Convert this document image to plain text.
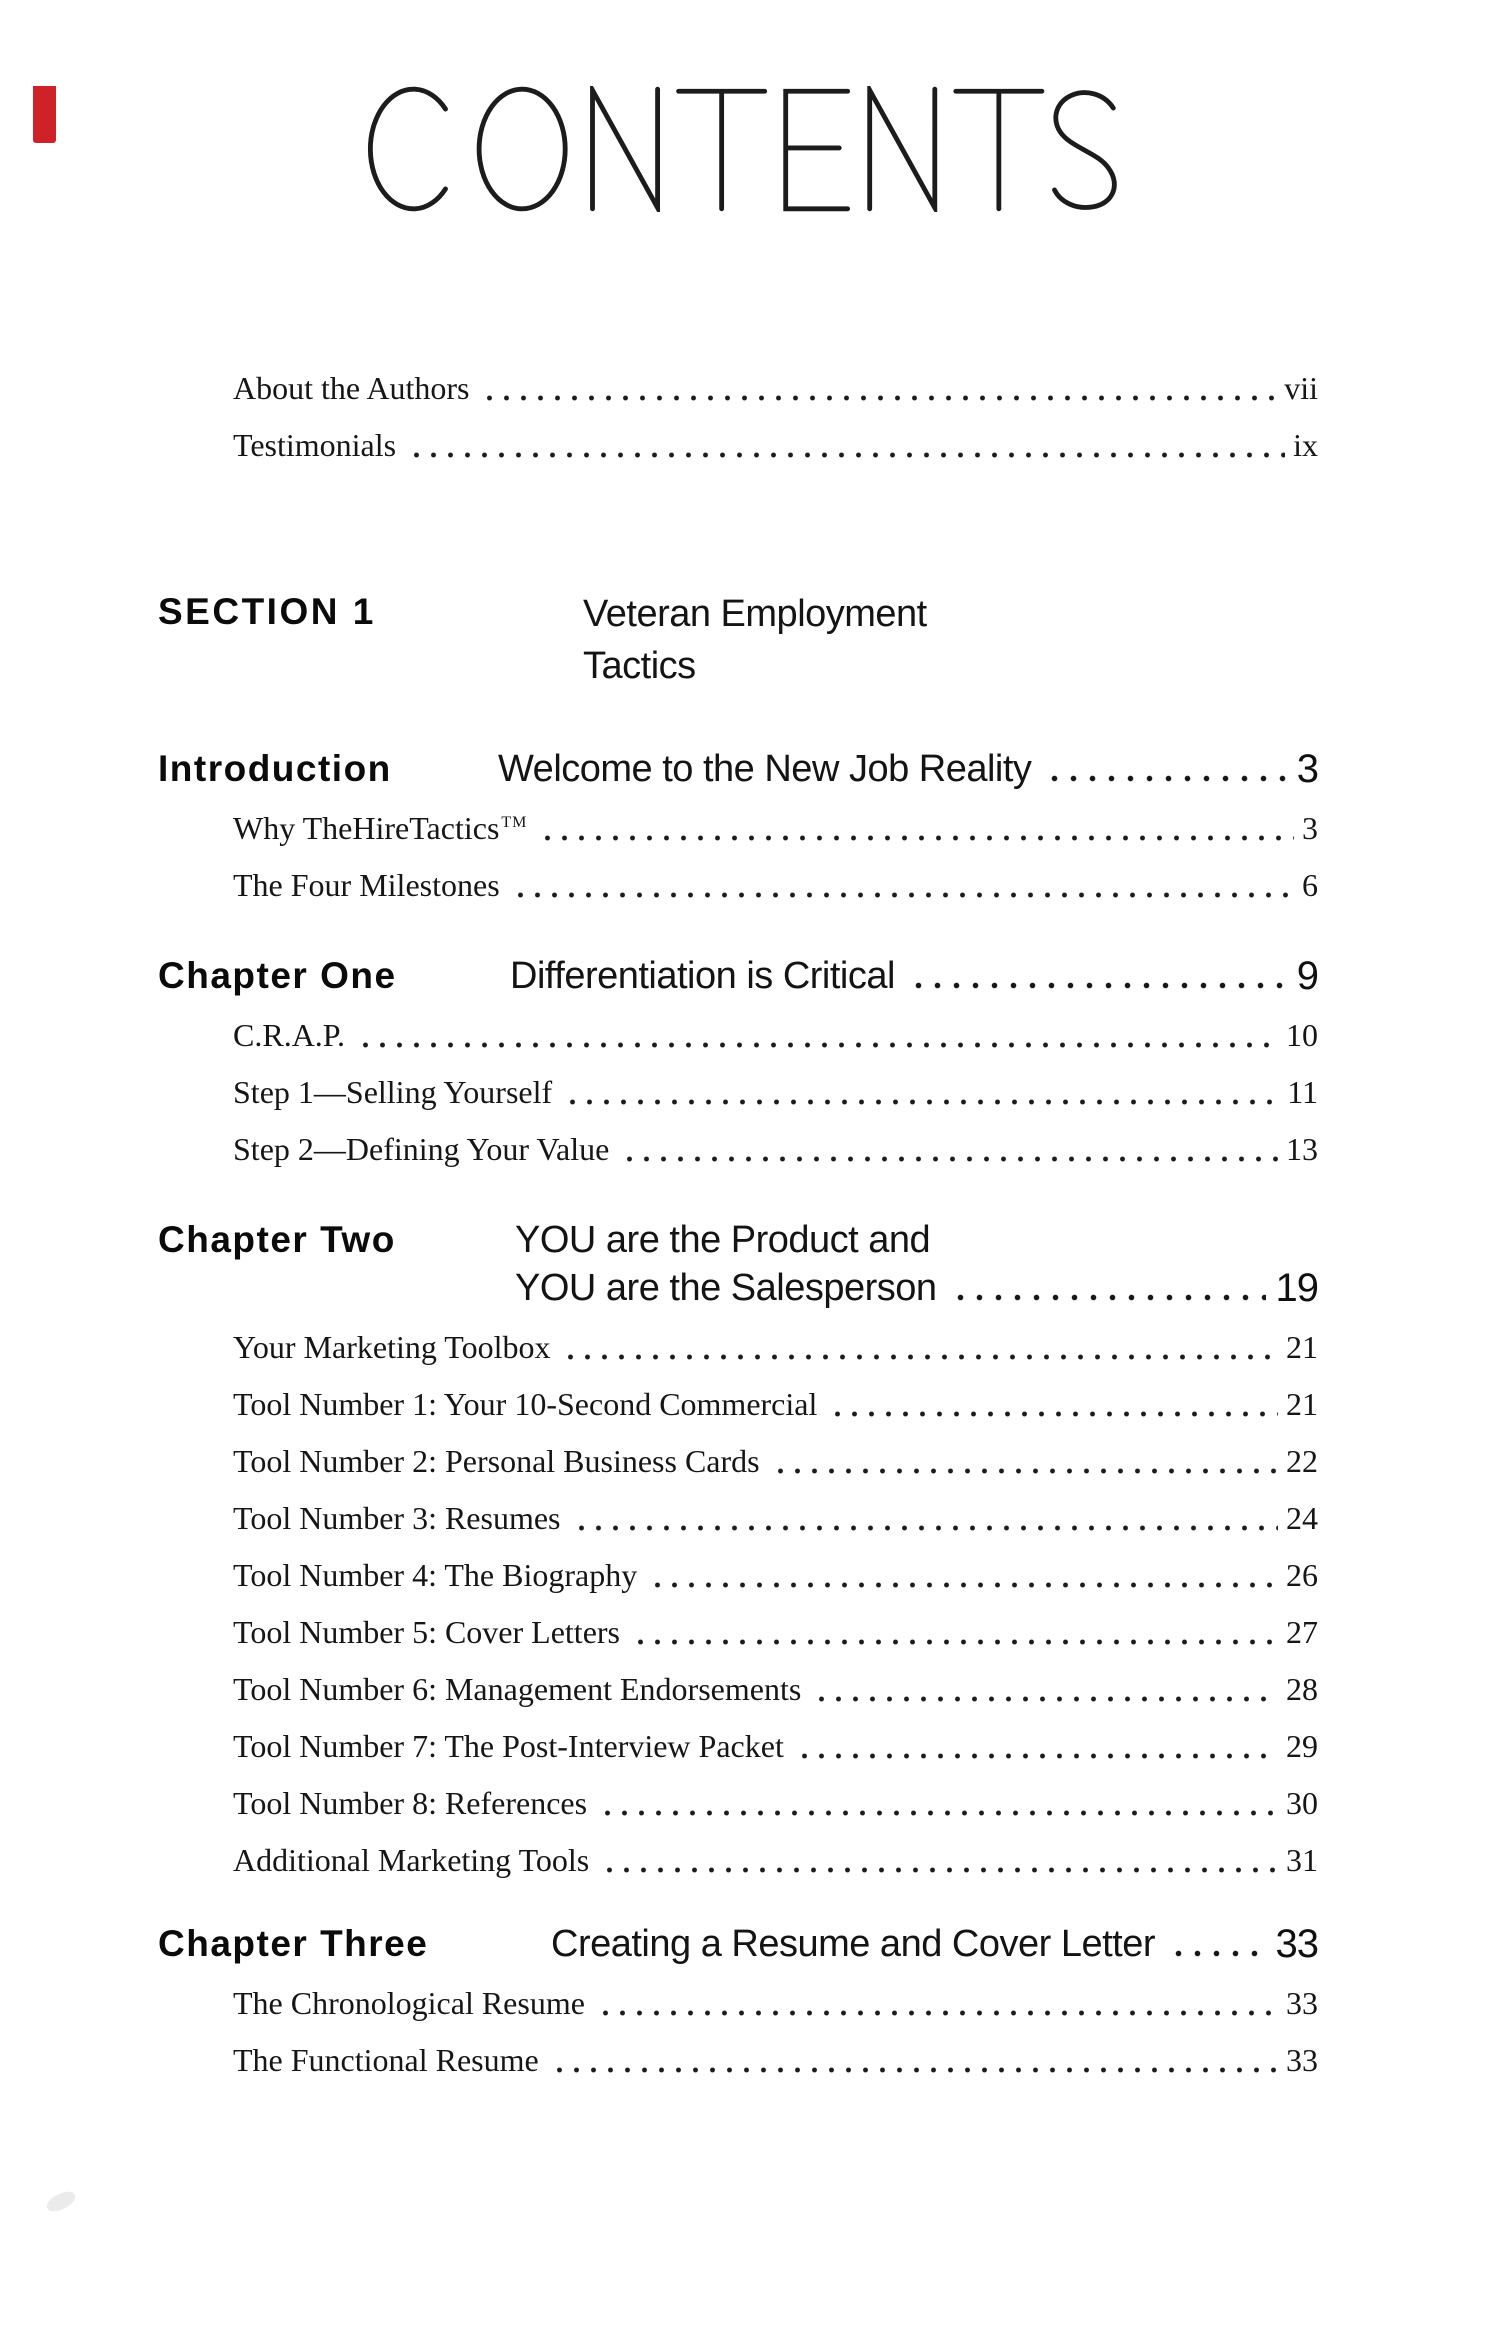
About the Authors	vii
Testimonials	ix
SECTION 1	Veteran Employment
Tactics
Introduction	Welcome to the New Job Reality	3
Why TheHireTactics TM	3
The Four Milestones	6
Chapter One	Differentiation is Critical	9
C.R.A.P.	10
Step 1—Selling Yourself	11
Step 2—Defining Your Value	13
Chapter Two	YOU are the Product and
YOU are the Salesperson	19
Your Marketing Toolbox	21
Tool Number 1: Your 10-Second Commercial	21
Tool Number 2: Personal Business Cards	22
Tool Number 3: Resumes	24
Tool Number 4: The Biography	26
Tool Number 5: Cover Letters	27
Tool Number 6: Management Endorsements	28
Tool Number 7: The Post-Interview Packet	29
Tool Number 8: References	30
Additional Marketing Tools	31
Chapter Three	Creating a Resume and Cover Letter	33
The Chronological Resume	33
The Functional Resume	33
